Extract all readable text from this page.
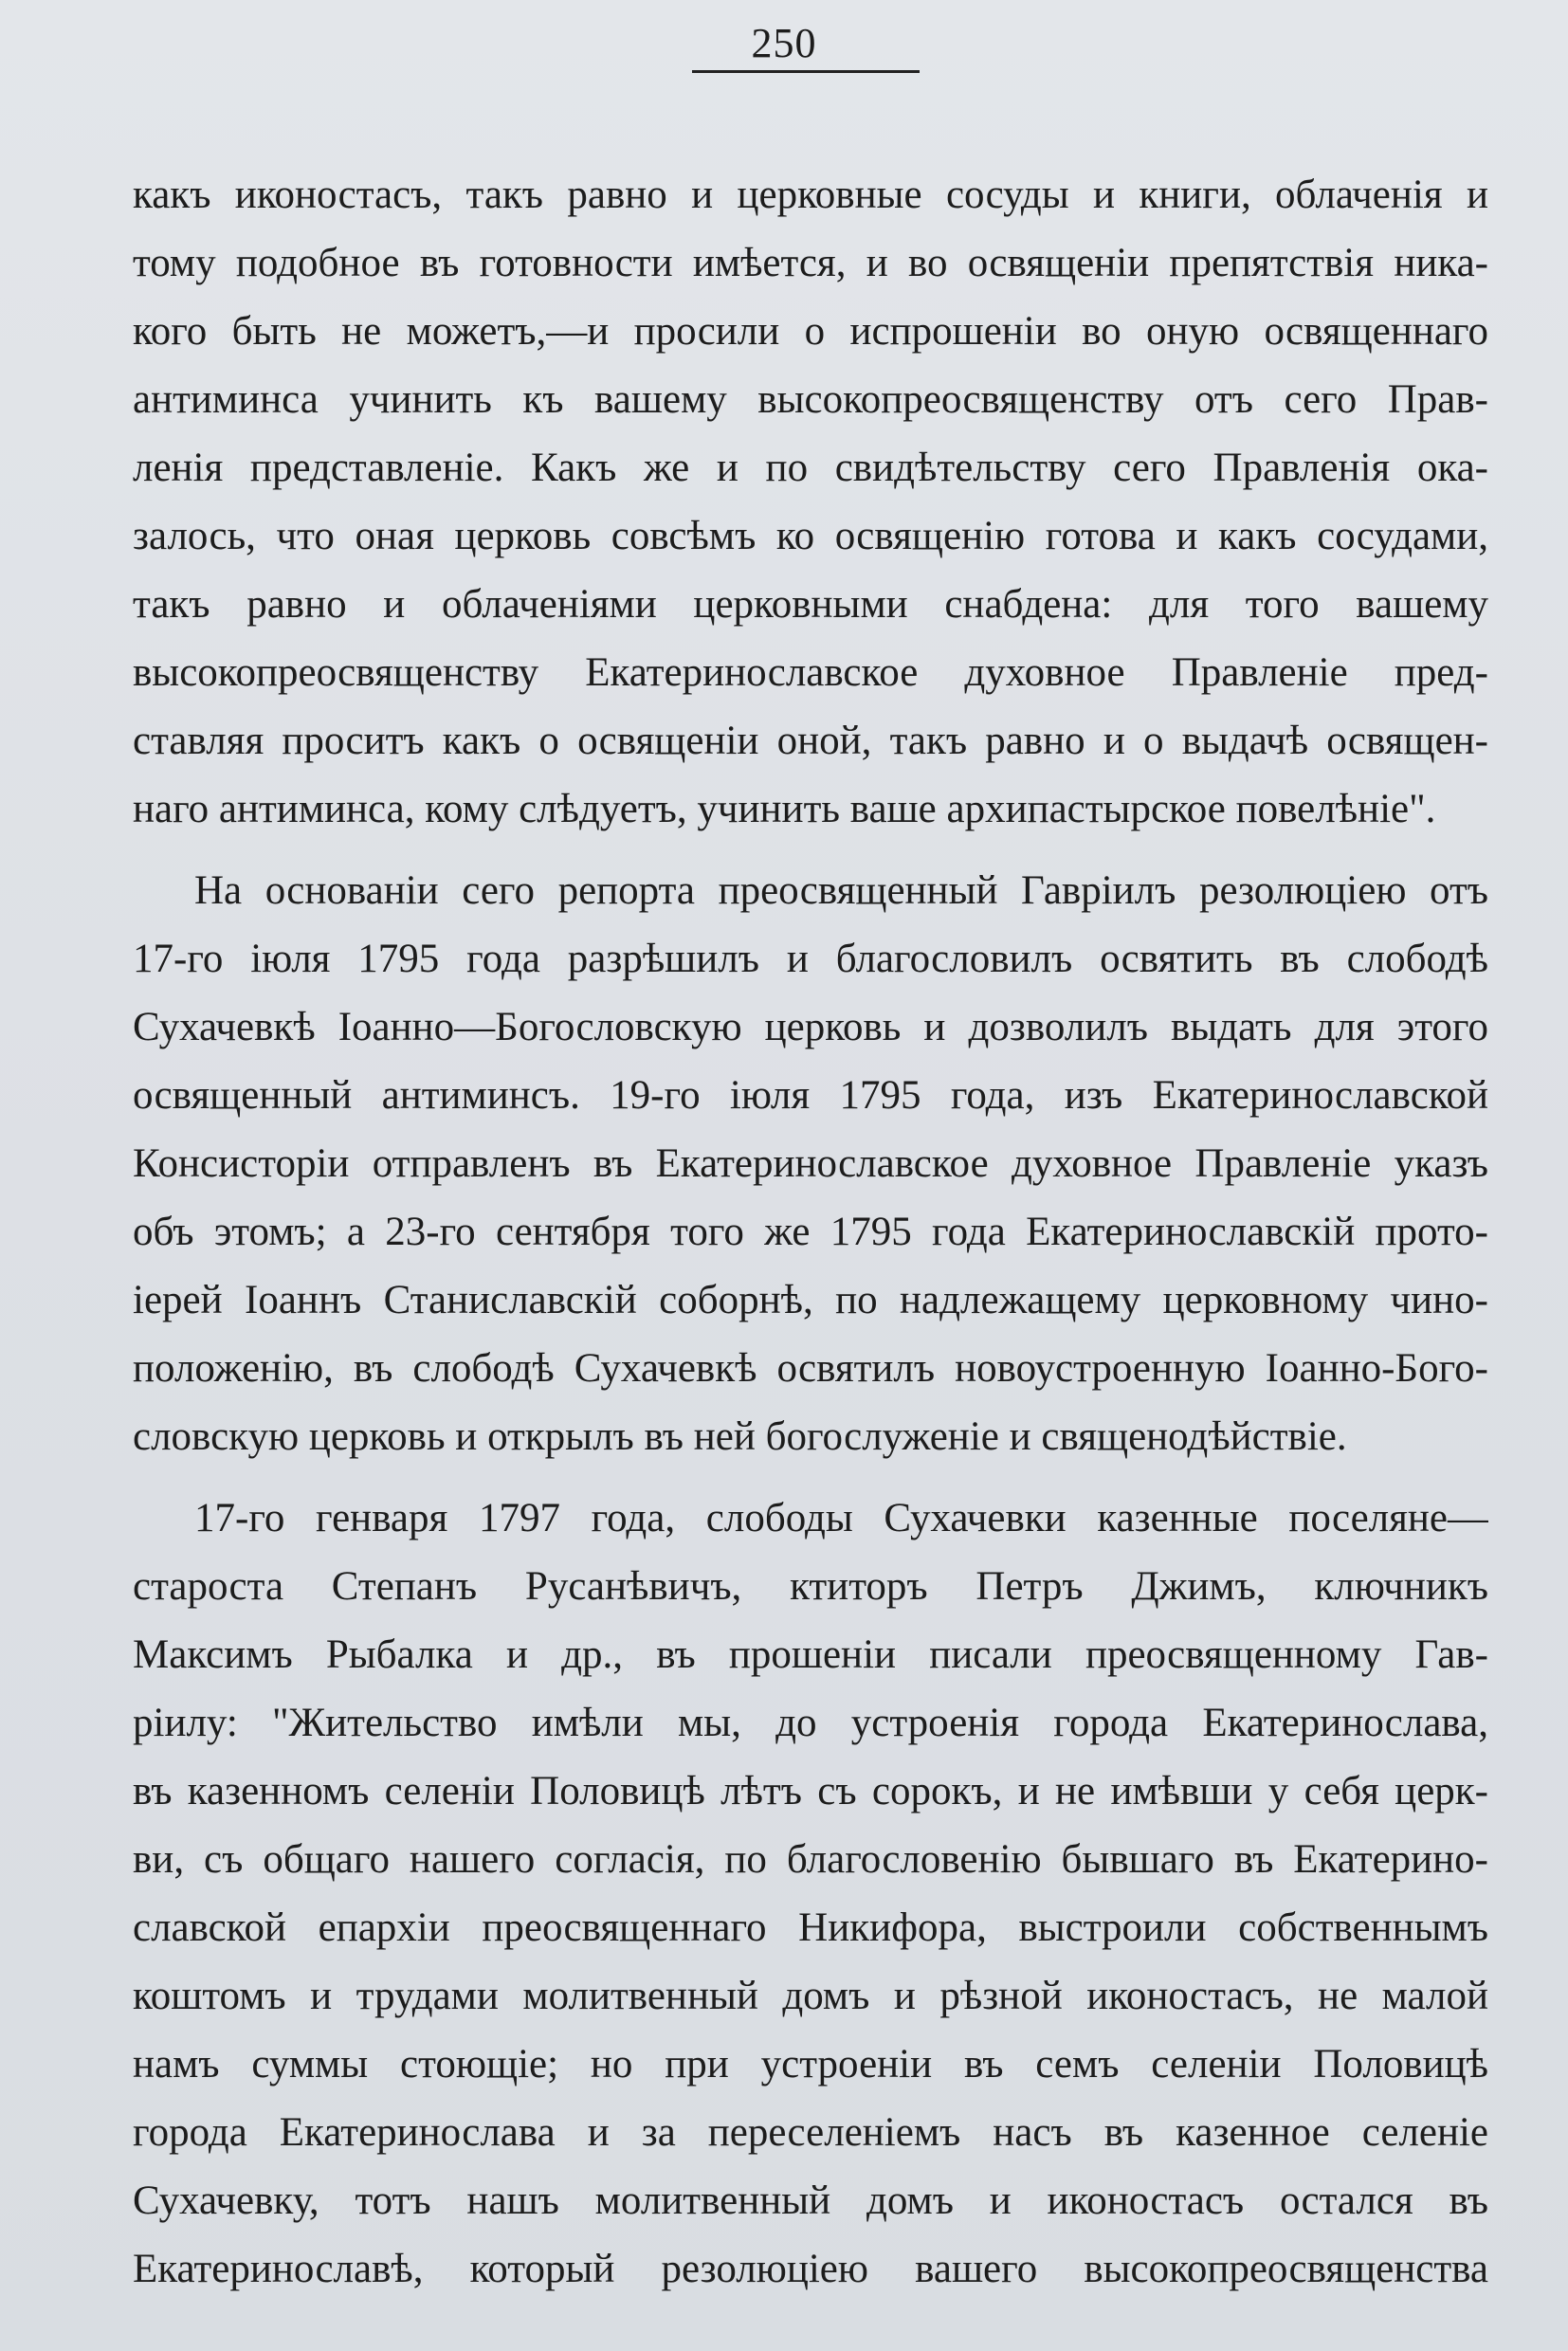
250
какъ иконостасъ, такъ равно и церковные сосуды и книги, облаченія и
тому подобное въ готовности имѣется, и во освященіи препятствія ника-
кого быть не можетъ,—и просили о испрошеніи во оную освященнаго
антиминса учинить къ вашему высокопреосвященству отъ сего Прав-
ленія представленіе. Какъ же и по свидѣтельству сего Правленія ока-
залось, что оная церковь совсѣмъ ко освященію готова и какъ сосудами,
такъ равно и облаченіями церковными снабдена: для того вашему
высокопреосвященству Екатеринославское духовное Правленіе пред-
ставляя проситъ какъ о освященіи оной, такъ равно и о выдачѣ освящен-
наго антиминса, кому слѣдуетъ, учинить ваше архипастырское повелѣніе".
На основаніи сего репорта преосвященный Гавріилъ резолюціею отъ
17-го іюля 1795 года разрѣшилъ и благословилъ освятить въ слободѣ
Сухачевкѣ Іоанно—Богословскую церковь и дозволилъ выдать для этого
освященный антиминсъ. 19-го іюля 1795 года, изъ Екатеринославской
Консисторіи отправленъ въ Екатеринославское духовное Правленіе указъ
объ этомъ; а 23-го сентября того же 1795 года Екатеринославскій прото-
іерей Іоаннъ Станиславскій соборнѣ, по надлежащему церковному чино-
положенію, въ слободѣ Сухачевкѣ освятилъ новоустроенную Іоанно-Бого-
словскую церковь и открылъ въ ней богослуженіе и священодѣйствіе.
17-го генваря 1797 года, слободы Сухачевки казенные поселяне—
староста Степанъ Русанѣвичъ, ктиторъ Петръ Джимъ, ключникъ
Максимъ Рыбалка и др., въ прошеніи писали преосвященному Гав-
ріилу: "Жительство имѣли мы, до устроенія города Екатеринослава,
въ казенномъ селеніи Половицѣ лѣтъ съ сорокъ, и не имѣвши у себя церк-
ви, съ общаго нашего согласія, по благословенію бывшаго въ Екатерино-
славской епархіи преосвященнаго Никифора, выстроили собственнымъ
коштомъ и трудами молитвенный домъ и рѣзной иконостасъ, не малой
намъ суммы стоющіе; но при устроеніи въ семъ селеніи Половицѣ
города Екатеринослава и за переселеніемъ насъ въ казенное селеніе
Сухачевку, тотъ нашъ молитвенный домъ и иконостасъ остался въ
Екатеринославѣ, который резолюціею вашего высокопреосвященства
